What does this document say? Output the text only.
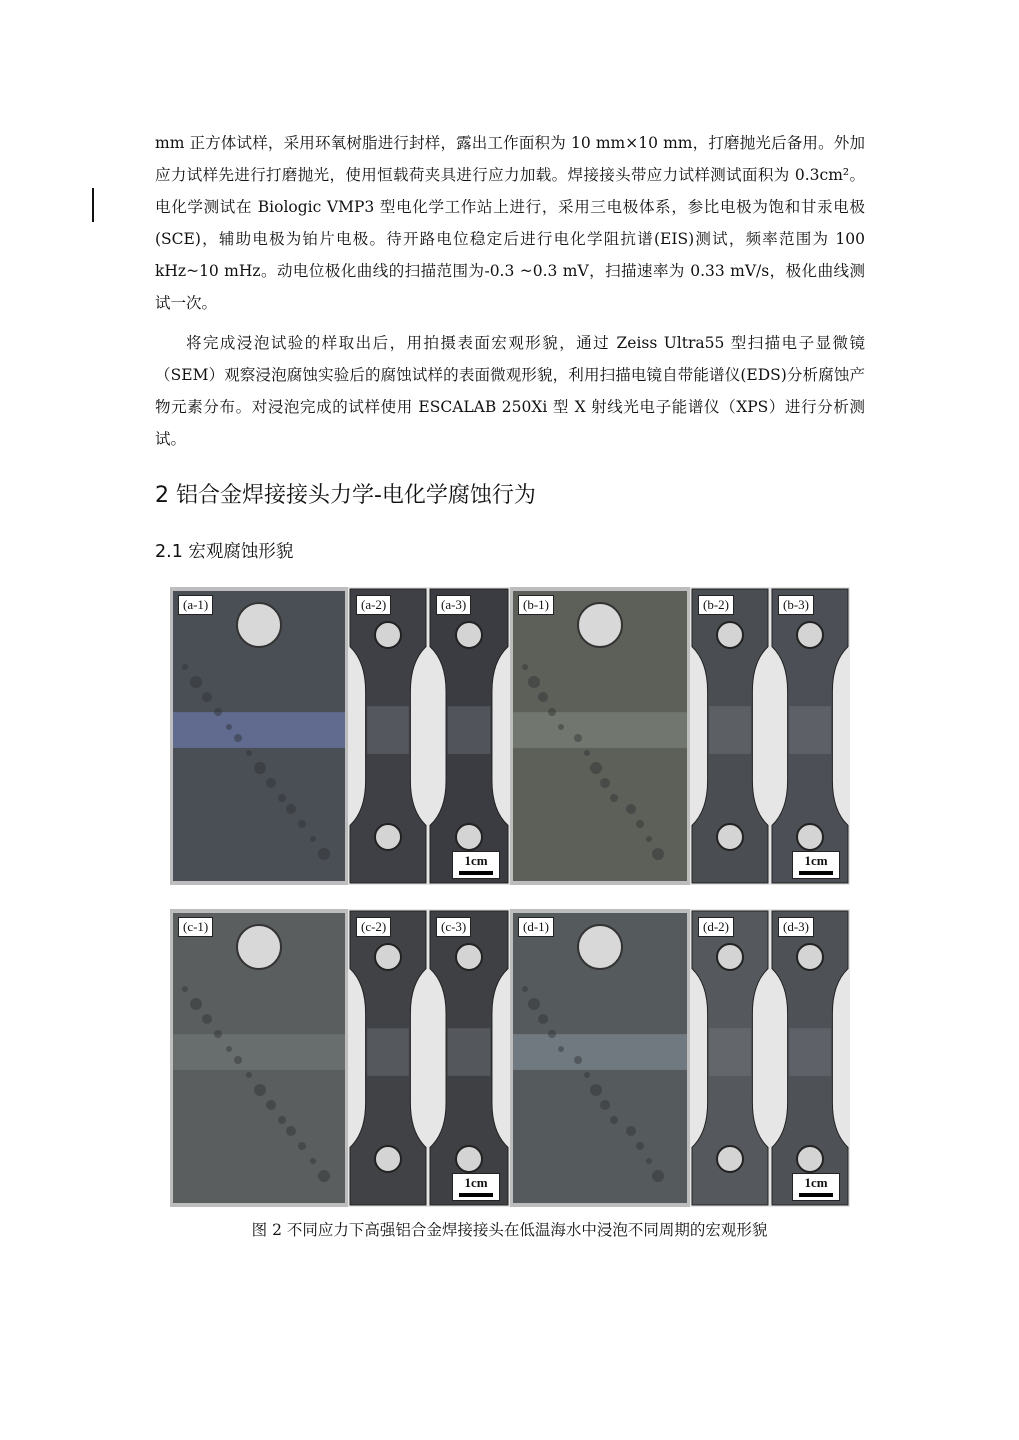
mm 正方体试样，采用环氧树脂进行封样，露出工作面积为 10 mm×10 mm，打磨抛光后备用。外加应力试样先进行打磨抛光，使用恒载荷夹具进行应力加载。焊接接头带应力试样测试面积为 0.3cm²。电化学测试在 Biologic VMP3 型电化学工作站上进行，采用三电极体系，参比电极为饱和甘汞电极(SCE)，辅助电极为铂片电极。待开路电位稳定后进行电化学阻抗谱(EIS)测试，频率范围为 100 kHz~10 mHz。动电位极化曲线的扫描范围为-0.3 ~0.3 mV，扫描速率为 0.33 mV/s，极化曲线测试一次。

将完成浸泡试验的样取出后，用拍摄表面宏观形貌，通过 Zeiss Ultra55 型扫描电子显微镜（SEM）观察浸泡腐蚀实验后的腐蚀试样的表面微观形貌，利用扫描电镜自带能谱仪(EDS)分析腐蚀产物元素分布。对浸泡完成的试样使用 ESCALAB 250Xi 型 X 射线光电子能谱仪（XPS）进行分析测试。

2 铝合金焊接接头力学-电化学腐蚀行为
2.1 宏观腐蚀形貌
(a-1)	(a-2)	(a-3)
1cm
(b-1)	(b-2)	(b-3)
1cm
(c-1)	(c-2)	(c-3)
1cm
(d-1)	(d-2)	(d-3)
1cm

图 2 不同应力下高强铝合金焊接接头在低温海水中浸泡不同周期的宏观形貌
